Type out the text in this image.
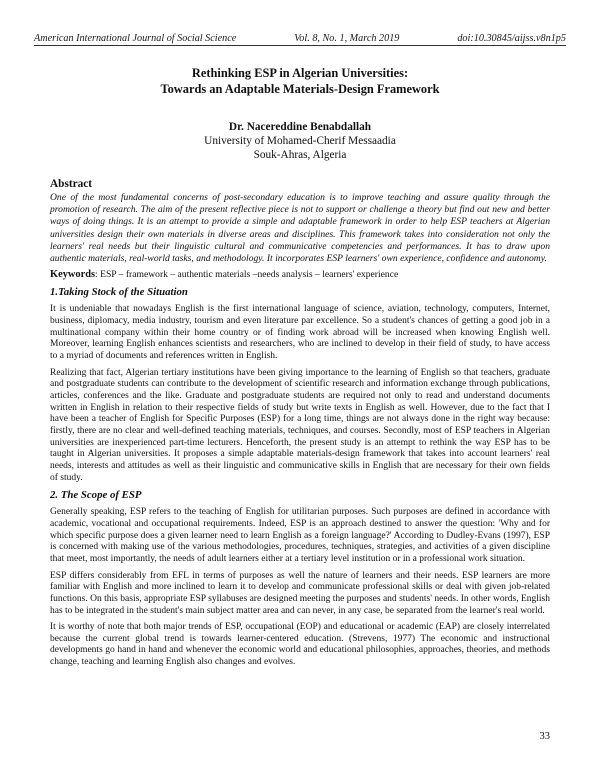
American International Journal of Social Science	Vol. 8, No. 1, March 2019	doi:10.30845/aijss.v8n1p5

Rethinking ESP in Algerian Universities:
Towards an Adaptable Materials-Design Framework

Dr. Nacereddine Benabdallah
University of Mohamed-Cherif Messaadia
Souk-Ahras, Algeria
Abstract

One of the most fundamental concerns of post-secondary education is to improve teaching and assure quality through the promotion of research. The aim of the present reflective piece is not to support or challenge a theory but find out new and better ways of doing things. It is an attempt to provide a simple and adaptable framework in order to help ESP teachers at Algerian universities design their own materials in diverse areas and disciplines. This framework takes into consideration not only the learners' real needs but their linguistic cultural and communicative competencies and performances. It has to draw upon authentic materials, real-world tasks, and methodology. It incorporates ESP learners' own experience, confidence and autonomy.

Keywords: ESP – framework – authentic materials –needs analysis – learners' experience
1.Taking Stock of the Situation

It is undeniable that nowadays English is the first international language of science, aviation, technology, computers, Internet, business, diplomacy, media industry, tourism and even literature par excellence. So a student's chances of getting a good job in a multinational company within their home country or of finding work abroad will be increased when knowing English well. Moreover, learning English enhances scientists and researchers, who are inclined to develop in their field of study, to have access to a myriad of documents and references written in English.

Realizing that fact, Algerian tertiary institutions have been giving importance to the learning of English so that teachers, graduate and postgraduate students can contribute to the development of scientific research and information exchange through publications, articles, conferences and the like. Graduate and postgraduate students are required not only to read and understand documents written in English in relation to their respective fields of study but write texts in English as well. However, due to the fact that I have been a teacher of English for Specific Purposes (ESP) for a long time, things are not always done in the right way because: firstly, there are no clear and well-defined teaching materials, techniques, and courses. Secondly, most of ESP teachers in Algerian universities are inexperienced part-time lecturers. Henceforth, the present study is an attempt to rethink the way ESP has to be taught in Algerian universities. It proposes a simple adaptable materials-design framework that takes into account learners' real needs, interests and attitudes as well as their linguistic and communicative skills in English that are necessary for their own fields of study.

2. The Scope of ESP

Generally speaking, ESP refers to the teaching of English for utilitarian purposes. Such purposes are defined in accordance with academic, vocational and occupational requirements. Indeed, ESP is an approach destined to answer the question: 'Why and for which specific purpose does a given learner need to learn English as a foreign language?' According to Dudley-Evans (1997), ESP is concerned with making use of the various methodologies, procedures, techniques, strategies, and activities of a given discipline that meet, most importantly, the needs of adult learners either at a tertiary level institution or in a professional work situation.

ESP differs considerably from EFL in terms of purposes as well the nature of learners and their needs. ESP learners are more familiar with English and more inclined to learn it to develop and communicate professional skills or deal with given job-related functions. On this basis, appropriate ESP syllabuses are designed meeting the purposes and students' needs. In other words, English has to be integrated in the student's main subject matter area and can never, in any case, be separated from the learner's real world.

It is worthy of note that both major trends of ESP, occupational (EOP) and educational or academic (EAP) are closely interrelated because the current global trend is towards learner-centered education. (Strevens, 1977) The economic and instructional developments go hand in hand and whenever the economic world and educational philosophies, approaches, theories, and methods change, teaching and learning English also changes and evolves.

33
